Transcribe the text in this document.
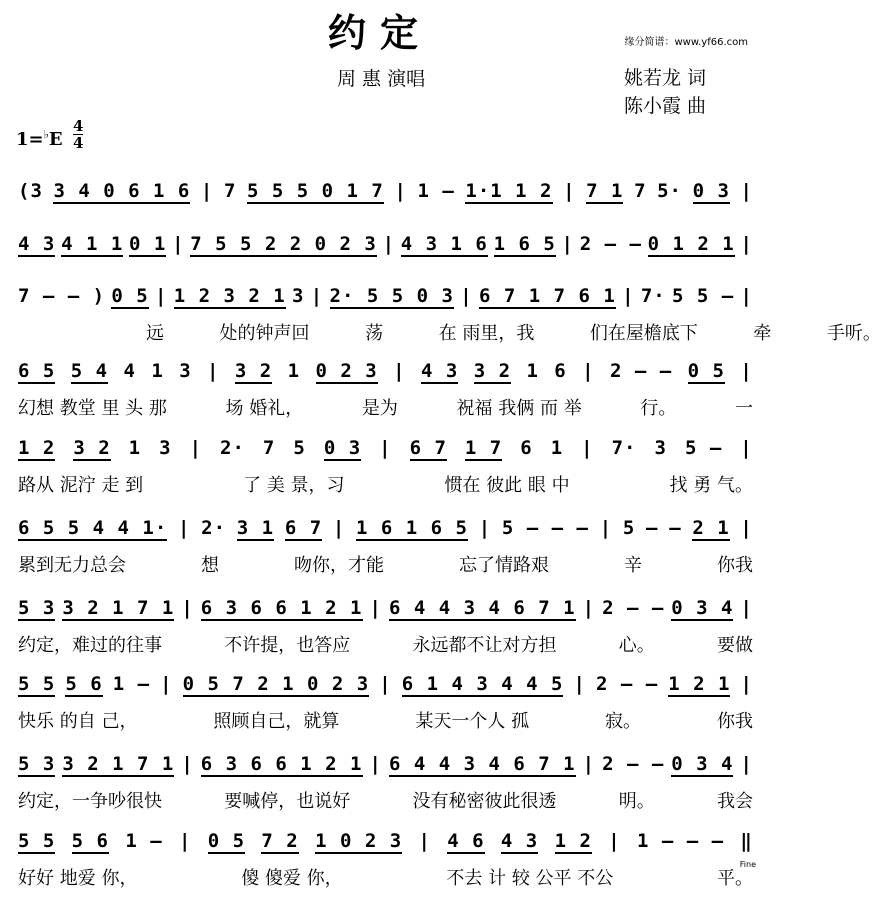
约定	缘分简谱：www.yf66.com
周 惠 演唱	姚若龙 词
陈小霞 曲
1=♭E
4
4
(3 3 4 0 6 1 6 | 7 5 5 5 0 1 7 | 1 – 1·1 1 2 | 7 1 7 5· 0 3 |
4 3 4 1 1 0 1 | 7 5 5 2 2 0 2 3 | 4 3 1 6 1 6 5 | 2 – – 0 1 2 1 |
7 – – ) 0 5 | 1 2 3 2 1 3 | 2· 5 5 0 3 | 6 7 1 7 6 1 | 7· 5 5 – |
远	处的钟声回	荡	在 雨里，我	们在屋檐底下	牵	手听。
6 5 5 4 4 1 3 | 3 2 1 0 2 3 | 4 3 3 2 1 6 | 2 – – 0 5 |
幻想 教堂 里 头 那	场 婚礼，	是为	祝福 我俩 而 举	行。	一
1 2 3 2 1 3 | 2· 7 5 0 3 | 6 7 1 7 6 1 | 7· 3 5 – |
路从 泥泞 走 到	了 美 景，习	惯在 彼此 眼 中	找 勇 气。
6 5 5 4 4 1· | 2· 3 1 6 7 | 1 6 1 6 5 | 5 – – – | 5 – – 2 1 |
累到无力总会	想	吻你，才能	忘了情路艰	辛	你我
5 3 3 2 1 7 1 | 6 3 6 6 1 2 1 | 6 4 4 3 4 6 7 1 | 2 – – 0 3 4 |
约定，难过的往事	不许提，也答应	永远都不让对方担	心。	要做
5 5 5 6 1 – | 0 5 7 2 1 0 2 3 | 6 1 4 3 4 4 5 | 2 – – 1 2 1 |
快乐 的自 己，	照顾自己，就算	某天一个人 孤	寂。	你我
5 3 3 2 1 7 1 | 6 3 6 6 1 2 1 | 6 4 4 3 4 6 7 1 | 2 – – 0 3 4 |
约定，一争吵很快	要喊停，也说好	没有秘密彼此很透	明。	我会
5 5 5 6 1 – | 0 5 7 2 1 0 2 3 | 4 6 4 3 1 2 | 1 – – – ‖
好好 地爱 你，	傻 傻爱 你，	不去 计 较 公平 不公	平。
Fine
